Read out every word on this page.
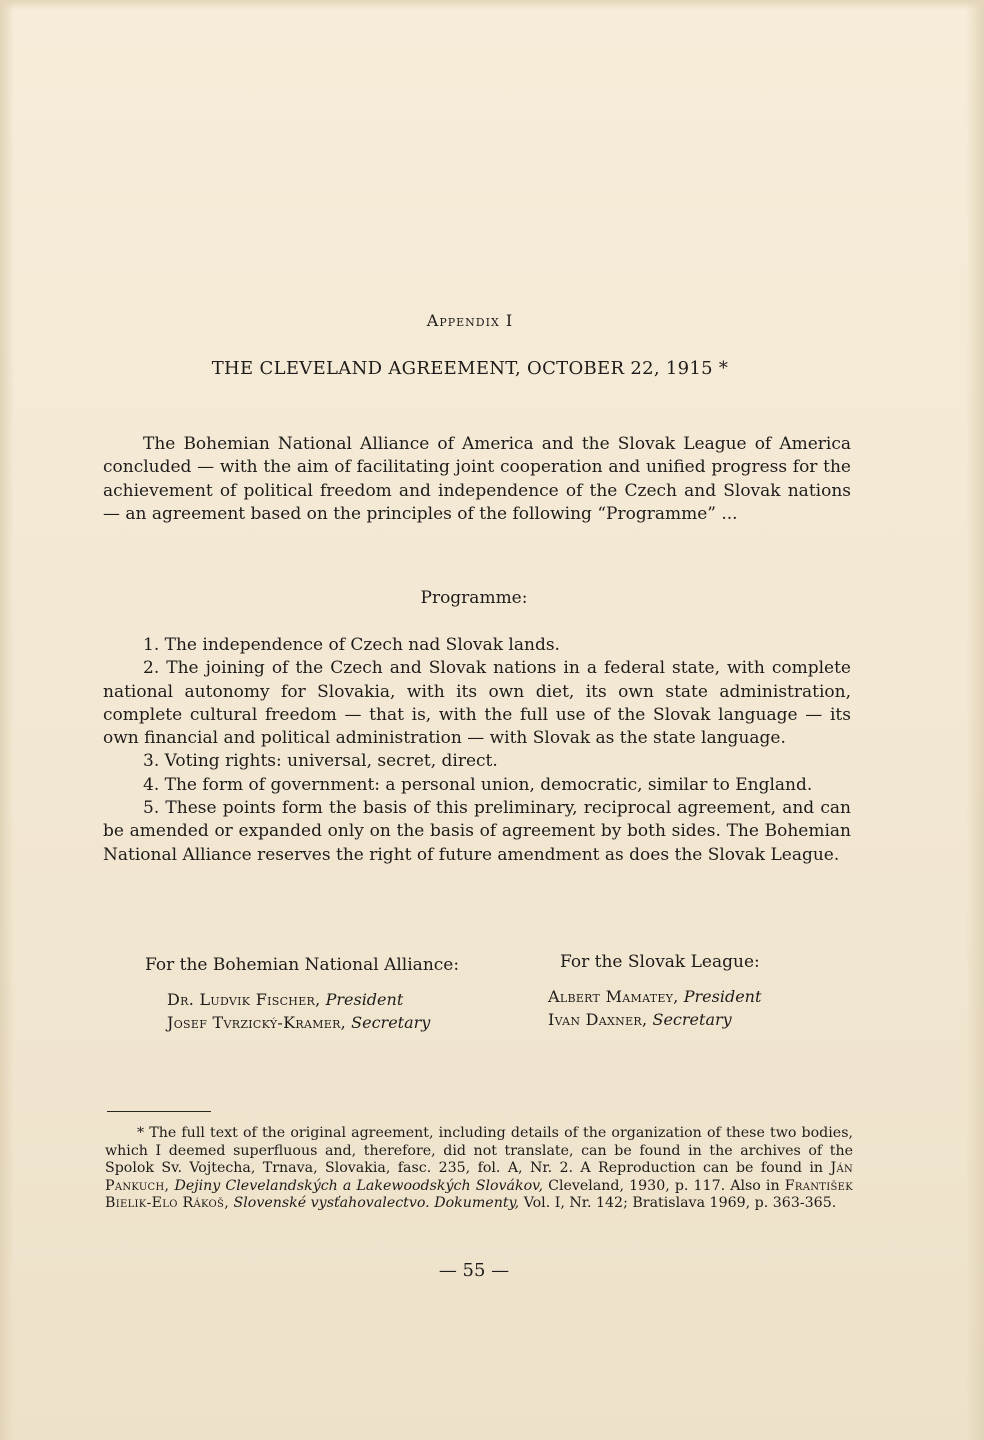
Appendix I
THE CLEVELAND AGREEMENT, OCTOBER 22, 1915 *

The Bohemian National Alliance of America and the Slovak League of America concluded — with the aim of facilitating joint cooperation and unified progress for the achievement of political freedom and independence of the Czech and Slovak nations — an agreement based on the principles of the following “Programme” ...

Programme:

1. The independence of Czech nad Slovak lands.

2. The joining of the Czech and Slovak nations in a federal state, with complete national autonomy for Slovakia, with its own diet, its own state administration, complete cultural freedom — that is, with the full use of the Slovak language — its own financial and political administration — with Slovak as the state language.

3. Voting rights: universal, secret, direct.

4. The form of government: a personal union, democratic, similar to England.

5. These points form the basis of this preliminary, reciprocal agreement, and can be amended or expanded only on the basis of agreement by both sides. The Bohemian National Alliance reserves the right of future amendment as does the Slovak League.

For the Bohemian National Alliance:

Dr. Ludvik Fischer, President

Josef Tvrzický-Kramer, Secretary

For the Slovak League:

Albert Mamatey, President

Ivan Daxner, Secretary

* The full text of the original agreement, including details of the organization of these two bodies, which I deemed superfluous and, therefore, did not translate, can be found in the archives of the Spolok Sv. Vojtecha, Trnava, Slovakia, fasc. 235, fol. A, Nr. 2. A Reproduction can be found in Ján Pankuch, Dejiny Clevelandských a Lakewoodských Slovákov, Cleveland, 1930, p. 117. Also in František Bielik-Elo Rákoš, Slovenské vysťahovalectvo. Dokumenty, Vol. I, Nr. 142; Bratislava 1969, p. 363-365.

— 55 —
